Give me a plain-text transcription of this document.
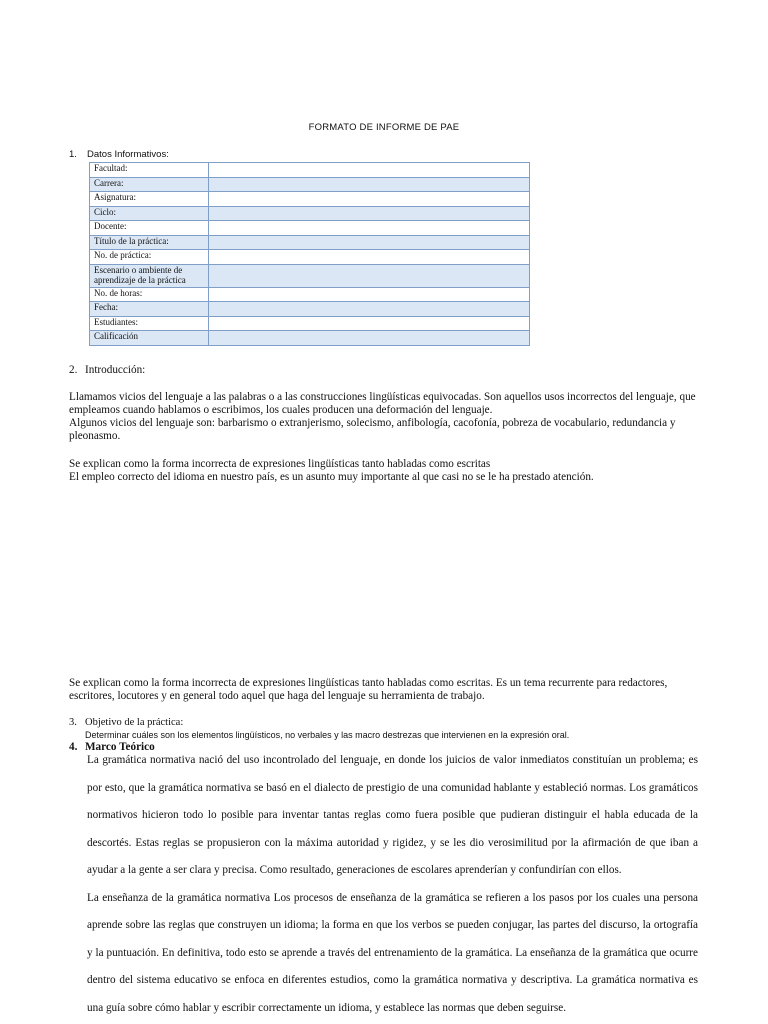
FORMATO DE INFORME DE PAE
1. Datos Informativos:
Facultad:	
Carrera:	
Asignatura:	
Ciclo:	
Docente:	
Título de la práctica:	
No. de práctica:	
Escenario o ambiente de aprendizaje de la práctica	
No. de horas:	
Fecha:	
Estudiantes:	
Calificación	
2. Introducción:

Llamamos vicios del lenguaje a las palabras o a las construcciones lingüísticas equivocadas. Son aquellos usos incorrectos del lenguaje, que empleamos cuando hablamos o escribimos, los cuales producen una deformación del lenguaje.

Algunos vicios del lenguaje son: barbarismo o extranjerismo, solecismo, anfibología, cacofonía, pobreza de vocabulario, redundancia y pleonasmo.

Se explican como la forma incorrecta de expresiones lingüísticas tanto habladas como escritas

El empleo correcto del idioma en nuestro país, es un asunto muy importante al que casi no se le ha prestado atención.

Se explican como la forma incorrecta de expresiones lingüísticas tanto habladas como escritas. Es un tema recurrente para redactores, escritores, locutores y en general todo aquel que haga del lenguaje su herramienta de trabajo.

3. Objetivo de la práctica:
Determinar cuáles son los elementos lingüísticos, no verbales y las macro destrezas que intervienen en la expresión oral.
4. Marco Teórico

La gramática normativa nació del uso incontrolado del lenguaje, en donde los juicios de valor inmediatos constituían un problema; es por esto, que la gramática normativa se basó en el dialecto de prestigio de una comunidad hablante y estableció normas. Los gramáticos normativos hicieron todo lo posible para inventar tantas reglas como fuera posible que pudieran distinguir el habla educada de la descortés. Estas reglas se propusieron con la máxima autoridad y rigidez, y se les dio verosimilitud por la afirmación de que iban a ayudar a la gente a ser clara y precisa. Como resultado, generaciones de escolares aprenderían y confundirían con ellos.

La enseñanza de la gramática normativa Los procesos de enseñanza de la gramática se refieren a los pasos por los cuales una persona aprende sobre las reglas que construyen un idioma; la forma en que los verbos se pueden conjugar, las partes del discurso, la ortografía y la puntuación. En definitiva, todo esto se aprende a través del entrenamiento de la gramática. La enseñanza de la gramática que ocurre dentro del sistema educativo se enfoca en diferentes estudios, como la gramática normativa y descriptiva. La gramática normativa es una guía sobre cómo hablar y escribir correctamente un idioma, y establece las normas que deben seguirse.
